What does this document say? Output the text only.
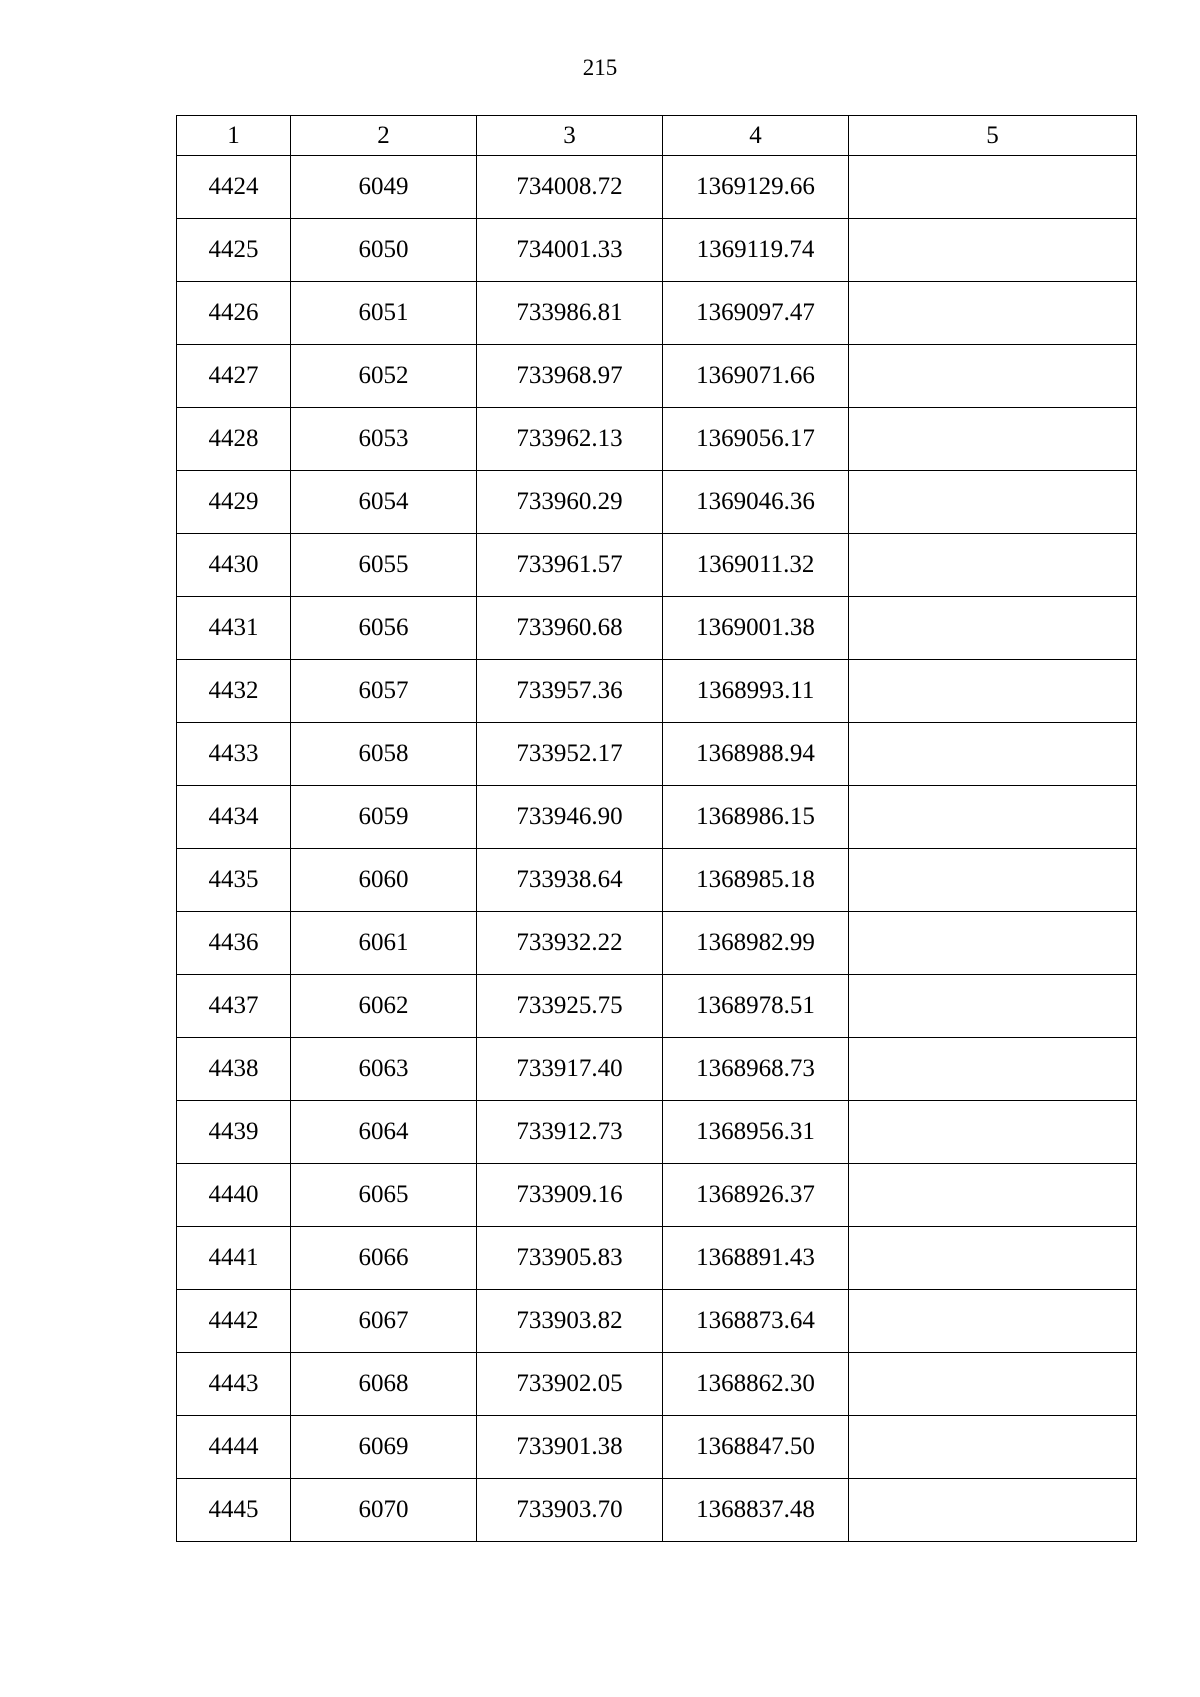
215
1	2	3	4	5
4424	6049	734008.72	1369129.66	
4425	6050	734001.33	1369119.74	
4426	6051	733986.81	1369097.47	
4427	6052	733968.97	1369071.66	
4428	6053	733962.13	1369056.17	
4429	6054	733960.29	1369046.36	
4430	6055	733961.57	1369011.32	
4431	6056	733960.68	1369001.38	
4432	6057	733957.36	1368993.11	
4433	6058	733952.17	1368988.94	
4434	6059	733946.90	1368986.15	
4435	6060	733938.64	1368985.18	
4436	6061	733932.22	1368982.99	
4437	6062	733925.75	1368978.51	
4438	6063	733917.40	1368968.73	
4439	6064	733912.73	1368956.31	
4440	6065	733909.16	1368926.37	
4441	6066	733905.83	1368891.43	
4442	6067	733903.82	1368873.64	
4443	6068	733902.05	1368862.30	
4444	6069	733901.38	1368847.50	
4445	6070	733903.70	1368837.48	
